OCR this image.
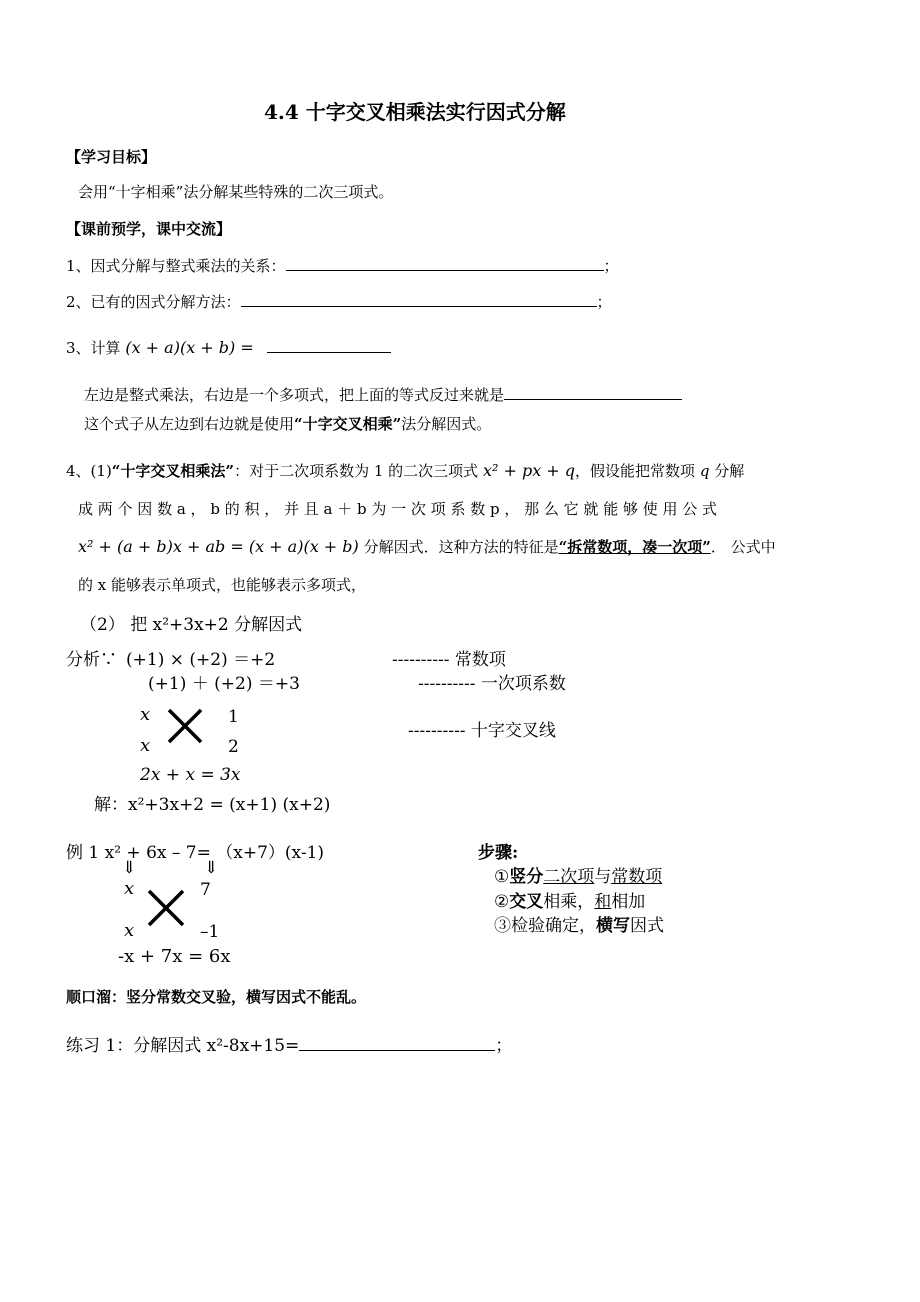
4.4 十字交叉相乘法实行因式分解
【学习目标】
会用“十字相乘”法分解某些特殊的二次三项式。
【课前预学，课中交流】
1、因式分解与整式乘法的关系：	；
2、已有的因式分解方法：	；
3、计算 (x + a)(x + b) =
左边是整式乘法，右边是一个多项式，把上面的等式反过来就是
这个式子从左边到右边就是使用“十字交叉相乘”法分解因式。
4、(1)“十字交叉相乘法”：对于二次项系数为 1 的二次三项式 x² + px + q，假设能把常数项 q 分解
成 两 个 因 数 a ， b 的 积 ， 并 且 a ＋ b 为 一 次 项 系 数 p ， 那 么 它 就 能 够 使 用 公 式
x² + (a + b)x + ab = (x + a)(x + b) 分解因式．这种方法的特征是“拆常数项，凑一次项”． 公式中
的 x 能够表示单项式，也能够表示多项式，
（2） 把 x²+3x+2 分解因式
分析∵ (+1) × (+2) ＝+2	---------- 常数项
(+1) ＋ (+2) ＝+3	---------- 一次项系数
x
x
1
2
---------- 十字交叉线
2x + x = 3x
解：x²+3x+2 = (x+1) (x+2)
例 1 x² + 6x – 7= （x+7）(x-1)
⇓	⇓
x
x
7
–1
-x + 7x = 6x
步骤:
①竖分二次项与常数项
②交叉相乘，和相加
③检验确定，横写因式
顺口溜：竖分常数交叉验，横写因式不能乱。
练习 1：分解因式 x²-8x+15=	；
